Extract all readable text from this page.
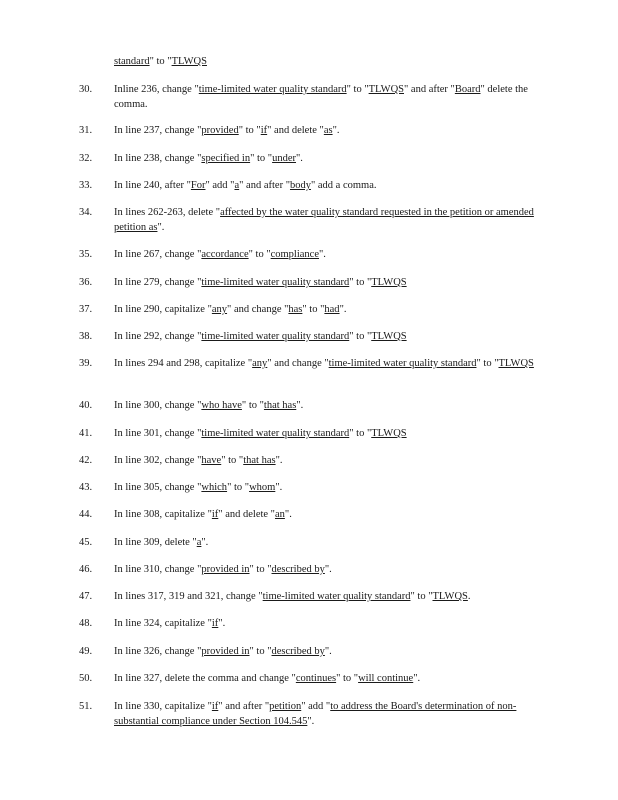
standard" to "TLWQS
30. Inline 236, change "time-limited water quality standard" to "TLWQS" and after "Board" delete the comma.
31. In line 237, change "provided" to "if" and delete "as".
32. In line 238, change "specified in" to "under".
33. In line 240, after "For" add "a" and after "body" add a comma.
34. In lines 262-263, delete "affected by the water quality standard requested in the petition or amended petition as".
35. In line 267, change "accordance" to "compliance".
36. In line 279, change "time-limited water quality standard" to "TLWQS
37. In line 290, capitalize "any" and change "has" to "had".
38. In line 292, change "time-limited water quality standard" to "TLWQS
39. In lines 294 and 298, capitalize "any" and change "time-limited water quality standard" to "TLWQS
40. In line 300, change "who have" to "that has".
41. In line 301, change "time-limited water quality standard" to "TLWQS
42. In line 302, change "have" to "that has".
43. In line 305, change "which" to "whom".
44. In line 308, capitalize "if" and delete "an".
45. In line 309, delete "a".
46. In line 310, change "provided in" to "described by".
47. In lines 317, 319 and 321, change "time-limited water quality standard" to "TLWQS.
48. In line 324, capitalize "if".
49. In line 326, change "provided in" to "described by".
50. In line 327, delete the comma and change "continues" to "will continue".
51. In line 330, capitalize "if" and after "petition" add "to address the Board's determination of non-substantial compliance under Section 104.545".
